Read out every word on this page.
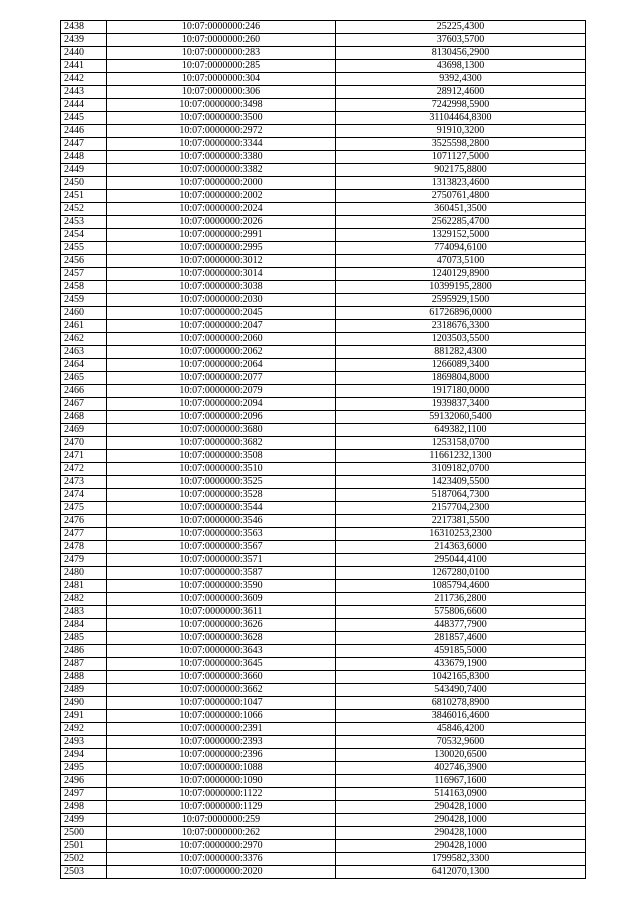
2438	10:07:0000000:246	25225,4300
2439	10:07:0000000:260	37603,5700
2440	10:07:0000000:283	8130456,2900
2441	10:07:0000000:285	43698,1300
2442	10:07:0000000:304	9392,4300
2443	10:07:0000000:306	28912,4600
2444	10:07:0000000:3498	7242998,5900
2445	10:07:0000000:3500	31104464,8300
2446	10:07:0000000:2972	91910,3200
2447	10:07:0000000:3344	3525598,2800
2448	10:07:0000000:3380	1071127,5000
2449	10:07:0000000:3382	902175,8800
2450	10:07:0000000:2000	1313823,4600
2451	10:07:0000000:2002	2750761,4800
2452	10:07:0000000:2024	360451,3500
2453	10:07:0000000:2026	2562285,4700
2454	10:07:0000000:2991	1329152,5000
2455	10:07:0000000:2995	774094,6100
2456	10:07:0000000:3012	47073,5100
2457	10:07:0000000:3014	1240129,8900
2458	10:07:0000000:3038	10399195,2800
2459	10:07:0000000:2030	2595929,1500
2460	10:07:0000000:2045	61726896,0000
2461	10:07:0000000:2047	2318676,3300
2462	10:07:0000000:2060	1203503,5500
2463	10:07:0000000:2062	881282,4300
2464	10:07:0000000:2064	1266089,3400
2465	10:07:0000000:2077	1869804,8000
2466	10:07:0000000:2079	1917180,0000
2467	10:07:0000000:2094	1939837,3400
2468	10:07:0000000:2096	59132060,5400
2469	10:07:0000000:3680	649382,1100
2470	10:07:0000000:3682	1253158,0700
2471	10:07:0000000:3508	11661232,1300
2472	10:07:0000000:3510	3109182,0700
2473	10:07:0000000:3525	1423409,5500
2474	10:07:0000000:3528	5187064,7300
2475	10:07:0000000:3544	2157704,2300
2476	10:07:0000000:3546	2217381,5500
2477	10:07:0000000:3563	16310253,2300
2478	10:07:0000000:3567	214363,6000
2479	10:07:0000000:3571	295044,4100
2480	10:07:0000000:3587	1267280,0100
2481	10:07:0000000:3590	1085794,4600
2482	10:07:0000000:3609	211736,2800
2483	10:07:0000000:3611	575806,6600
2484	10:07:0000000:3626	448377,7900
2485	10:07:0000000:3628	281857,4600
2486	10:07:0000000:3643	459185,5000
2487	10:07:0000000:3645	433679,1900
2488	10:07:0000000:3660	1042165,8300
2489	10:07:0000000:3662	543490,7400
2490	10:07:0000000:1047	6810278,8900
2491	10:07:0000000:1066	3846016,4600
2492	10:07:0000000:2391	45846,4200
2493	10:07:0000000:2393	70532,9600
2494	10:07:0000000:2396	130020,6500
2495	10:07:0000000:1088	402746,3900
2496	10:07:0000000:1090	116967,1600
2497	10:07:0000000:1122	514163,0900
2498	10:07:0000000:1129	290428,1000
2499	10:07:0000000:259	290428,1000
2500	10:07:0000000:262	290428,1000
2501	10:07:0000000:2970	290428,1000
2502	10:07:0000000:3376	1799582,3300
2503	10:07:0000000:2020	6412070,1300
